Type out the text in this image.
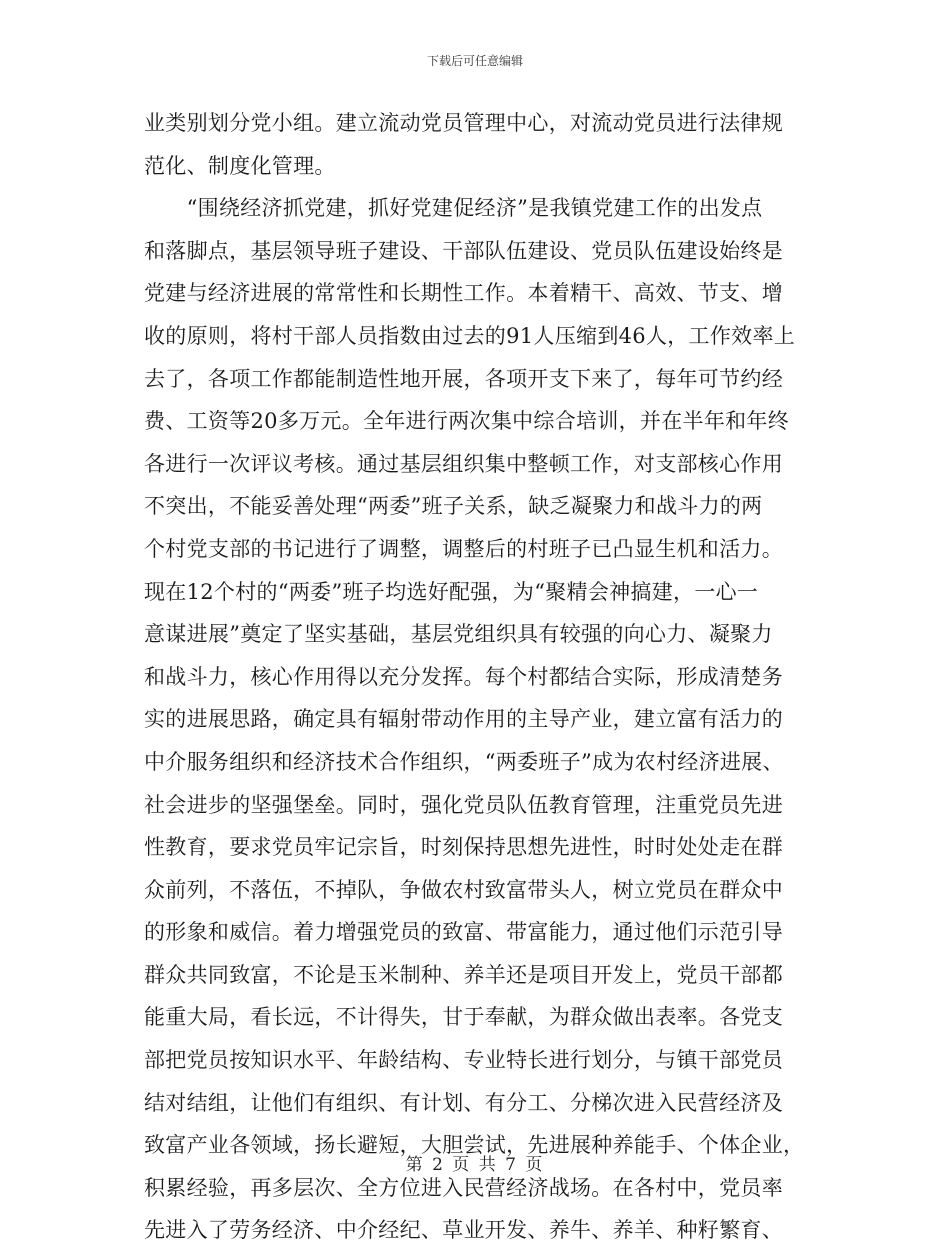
下载后可任意编辑
业类别划分党小组。建立流动党员管理中心，对流动党员进行法律规
范化、制度化管理。
　　“围绕经济抓党建，抓好党建促经济”是我镇党建工作的出发点
和落脚点，基层领导班子建设、干部队伍建设、党员队伍建设始终是
党建与经济进展的常常性和长期性工作。本着精干、高效、节支、增
收的原则，将村干部人员指数由过去的91人压缩到46人，工作效率上
去了，各项工作都能制造性地开展，各项开支下来了，每年可节约经
费、工资等20多万元。全年进行两次集中综合培训，并在半年和年终
各进行一次评议考核。通过基层组织集中整顿工作，对支部核心作用
不突出，不能妥善处理“两委”班子关系，缺乏凝聚力和战斗力的两
个村党支部的书记进行了调整，调整后的村班子已凸显生机和活力。
现在12个村的“两委”班子均选好配强，为“聚精会神搞建，一心一
意谋进展”奠定了坚实基础，基层党组织具有较强的向心力、凝聚力
和战斗力，核心作用得以充分发挥。每个村都结合实际，形成清楚务
实的进展思路，确定具有辐射带动作用的主导产业，建立富有活力的
中介服务组织和经济技术合作组织，“两委班子”成为农村经济进展、
社会进步的坚强堡垒。同时，强化党员队伍教育管理，注重党员先进
性教育，要求党员牢记宗旨，时刻保持思想先进性，时时处处走在群
众前列，不落伍，不掉队，争做农村致富带头人，树立党员在群众中
的形象和威信。着力增强党员的致富、带富能力，通过他们示范引导
群众共同致富，不论是玉米制种、养羊还是项目开发上，党员干部都
能重大局，看长远，不计得失，甘于奉献，为群众做出表率。各党支
部把党员按知识水平、年龄结构、专业特长进行划分，与镇干部党员
结对结组，让他们有组织、有计划、有分工、分梯次进入民营经济及
致富产业各领域，扬长避短，大胆尝试，先进展种养能手、个体企业，
积累经验，再多层次、全方位进入民营经济战场。在各村中，党员率
先进入了劳务经济、中介经纪、草业开发、养牛、养羊、种籽繁育、
第 2 页 共 7 页
